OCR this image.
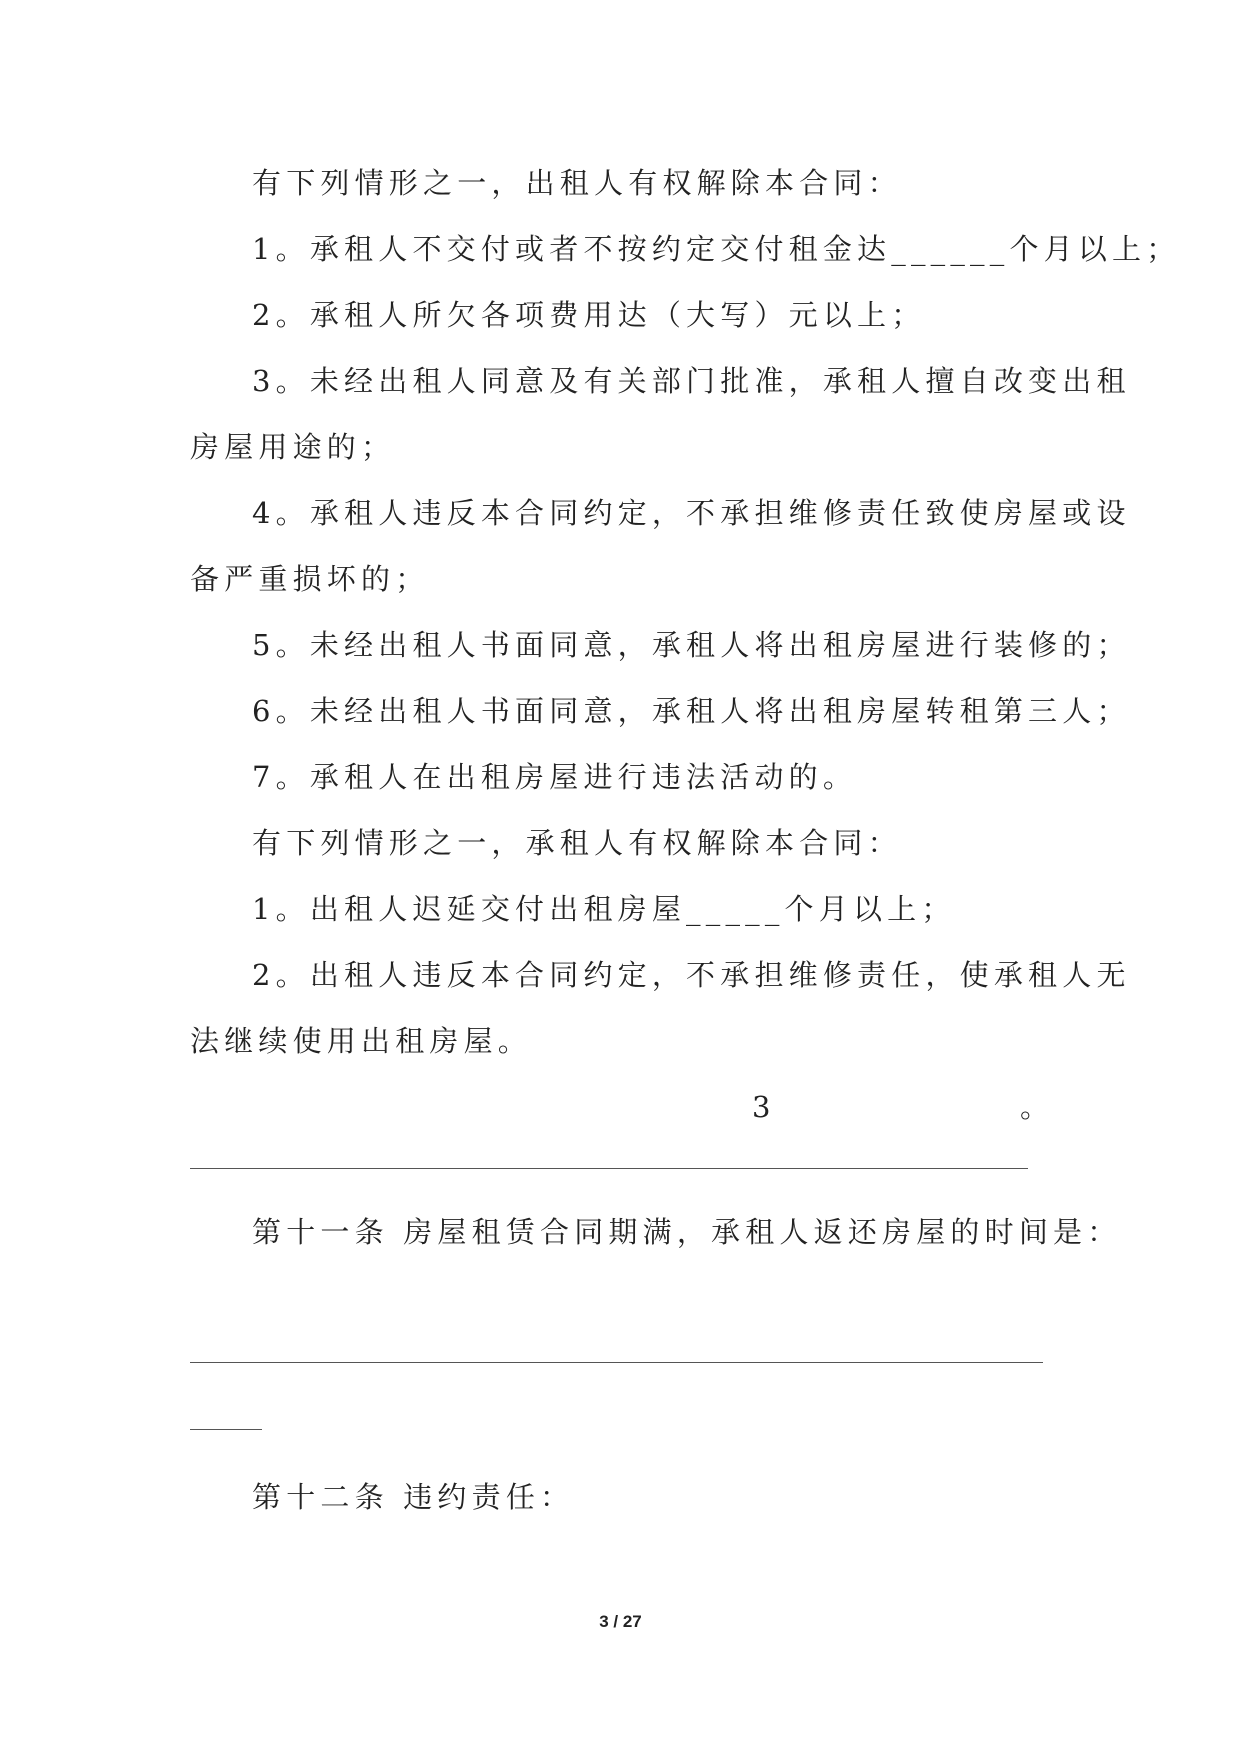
有下列情形之一，出租人有权解除本合同：
1。承租人不交付或者不按约定交付租金达______个月以上；
2。承租人所欠各项费用达（大写）元以上；
3。未经出租人同意及有关部门批准，承租人擅自改变出租
房屋用途的；
4。承租人违反本合同约定，不承担维修责任致使房屋或设
备严重损坏的；
5。未经出租人书面同意，承租人将出租房屋进行装修的；
6。未经出租人书面同意，承租人将出租房屋转租第三人；
7。承租人在出租房屋进行违法活动的。
有下列情形之一，承租人有权解除本合同：
1。出租人迟延交付出租房屋_____个月以上；
2。出租人违反本合同约定，不承担维修责任，使承租人无
法继续使用出租房屋。
3	。
第十一条 房屋租赁合同期满，承租人返还房屋的时间是：
第十二条 违约责任：
3 / 27
